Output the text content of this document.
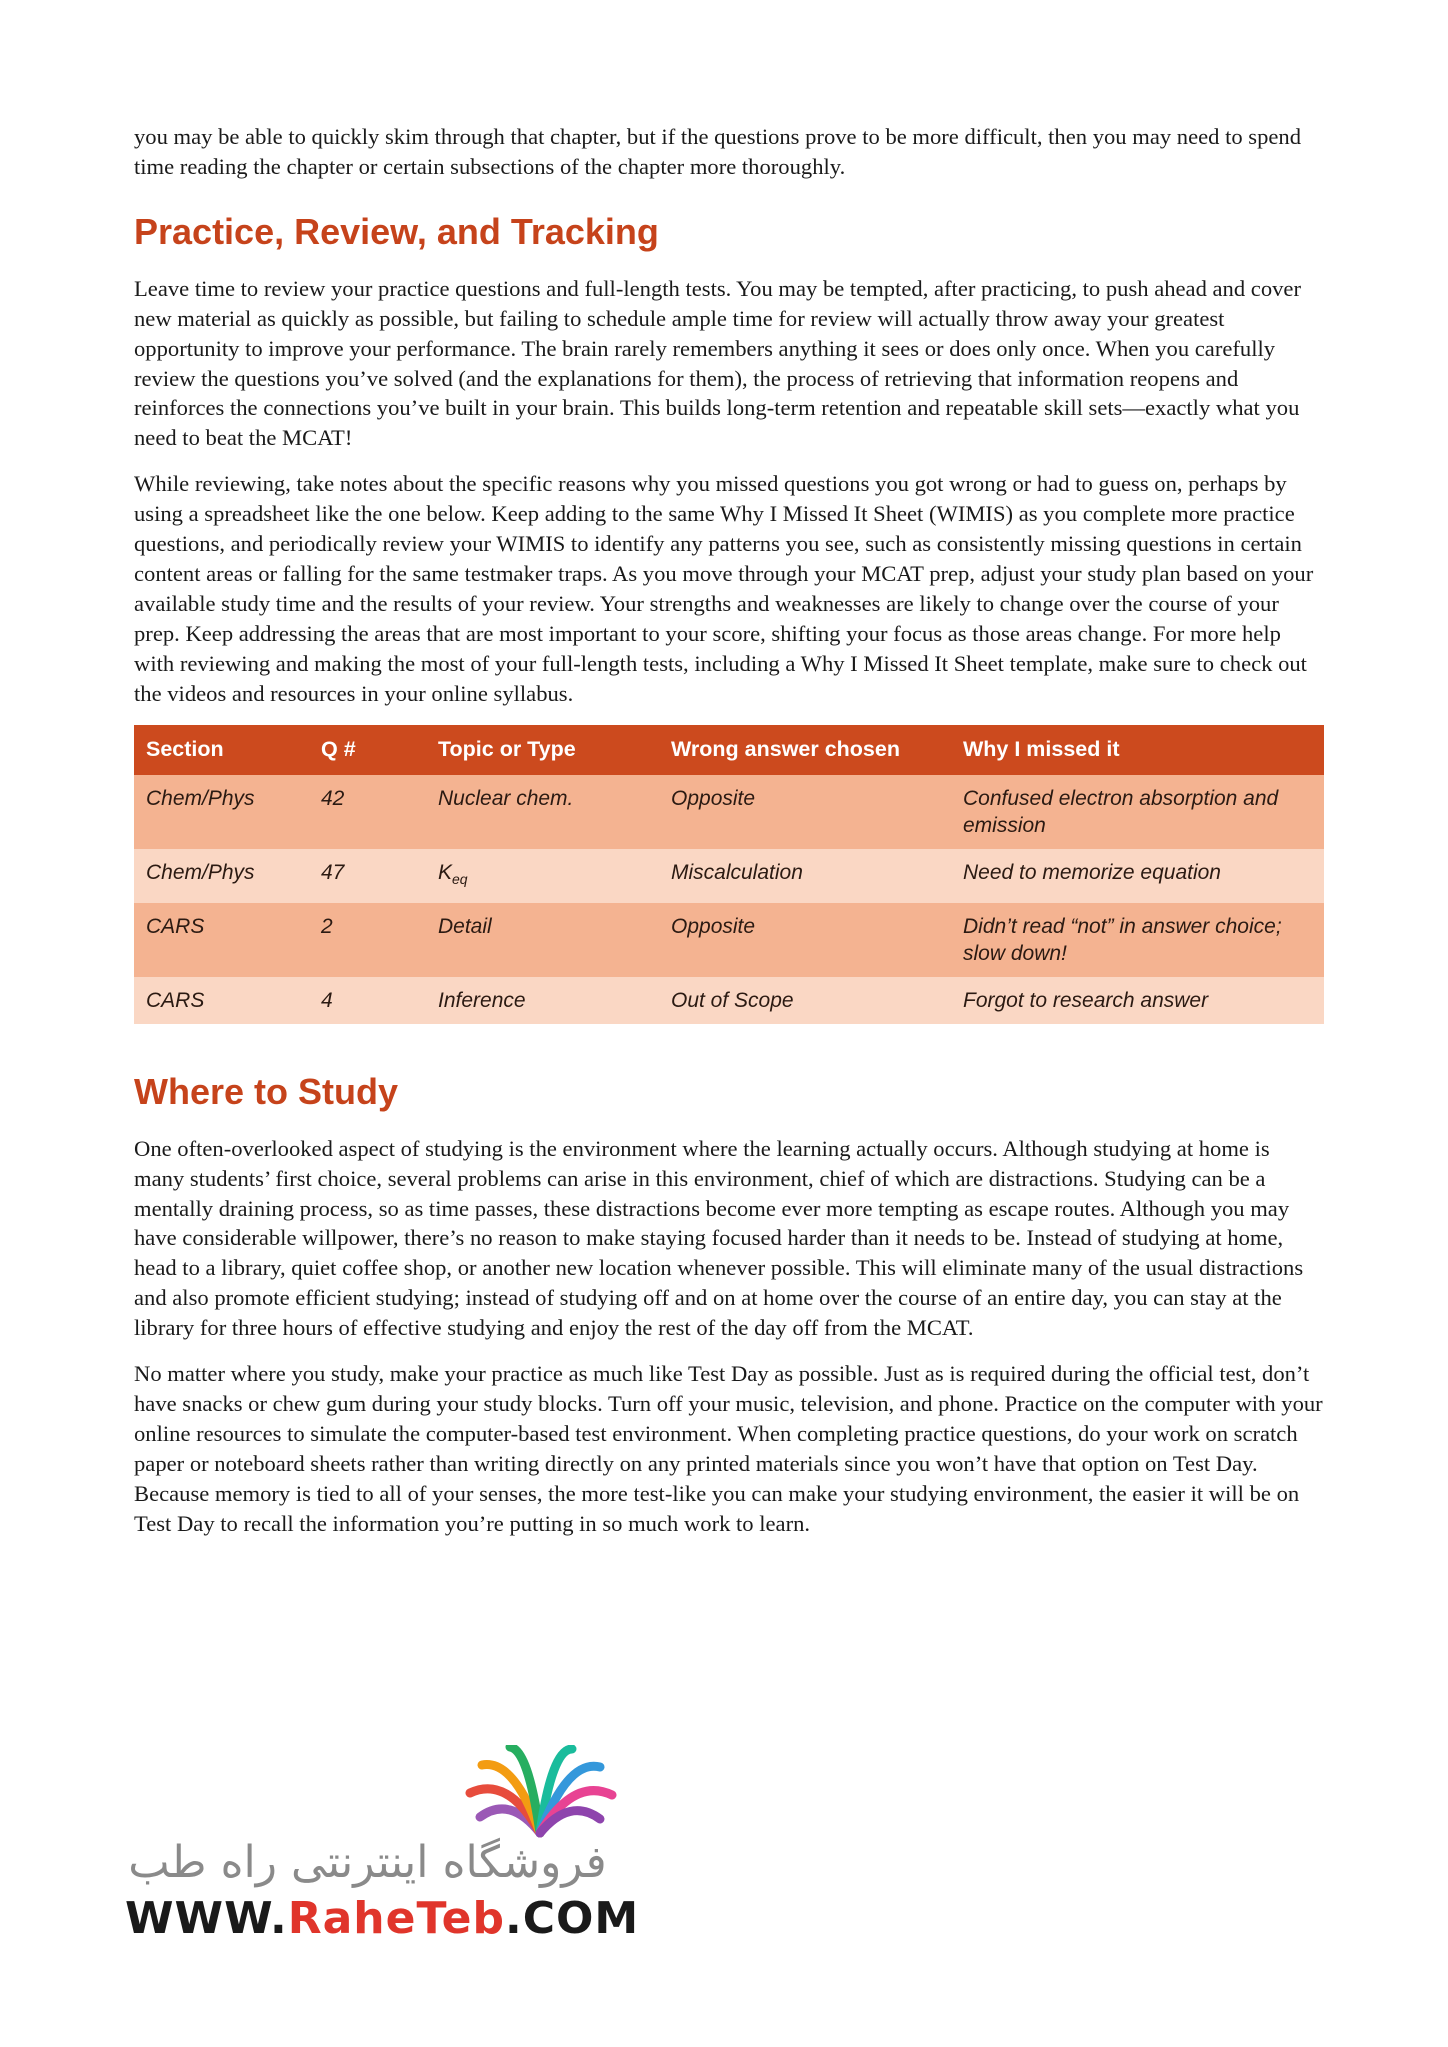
you may be able to quickly skim through that chapter, but if the questions prove to be more difficult, then you may need to spend time reading the chapter or certain subsections of the chapter more thoroughly.

Practice, Review, and Tracking

Leave time to review your practice questions and full-length tests. You may be tempted, after practicing, to push ahead and cover new material as quickly as possible, but failing to schedule ample time for review will actually throw away your greatest opportunity to improve your performance. The brain rarely remembers anything it sees or does only once. When you carefully review the questions you’ve solved (and the explanations for them), the process of retrieving that information reopens and reinforces the connections you’ve built in your brain. This builds long-term retention and repeatable skill sets—exactly what you need to beat the MCAT!

While reviewing, take notes about the specific reasons why you missed questions you got wrong or had to guess on, perhaps by using a spreadsheet like the one below. Keep adding to the same Why I Missed It Sheet (WIMIS) as you complete more practice questions, and periodically review your WIMIS to identify any patterns you see, such as consistently missing questions in certain content areas or falling for the same testmaker traps. As you move through your MCAT prep, adjust your study plan based on your available study time and the results of your review. Your strengths and weaknesses are likely to change over the course of your prep. Keep addressing the areas that are most important to your score, shifting your focus as those areas change. For more help with reviewing and making the most of your full-length tests, including a Why I Missed It Sheet template, make sure to check out the videos and resources in your online syllabus.

Section	Q #	Topic or Type	Wrong answer chosen	Why I missed it
Chem/Phys	42	Nuclear chem.	Opposite	Confused electron absorption and emission
Chem/Phys	47	$K_{eq}$	Miscalculation	Need to memorize equation
CARS	2	Detail	Opposite	Didn’t read “not” in answer choice; slow down!
CARS	4	Inference	Out of Scope	Forgot to research answer
Where to Study

One often-overlooked aspect of studying is the environment where the learning actually occurs. Although studying at home is many students’ first choice, several problems can arise in this environment, chief of which are distractions. Studying can be a mentally draining process, so as time passes, these distractions become ever more tempting as escape routes. Although you may have considerable willpower, there’s no reason to make staying focused harder than it needs to be. Instead of studying at home, head to a library, quiet coffee shop, or another new location whenever possible. This will eliminate many of the usual distractions and also promote efficient studying; instead of studying off and on at home over the course of an entire day, you can stay at the library for three hours of effective studying and enjoy the rest of the day off from the MCAT.

No matter where you study, make your practice as much like Test Day as possible. Just as is required during the official test, don’t have snacks or chew gum during your study blocks. Turn off your music, television, and phone. Practice on the computer with your online resources to simulate the computer-based test environment. When completing practice questions, do your work on scratch paper or noteboard sheets rather than writing directly on any printed materials since you won’t have that option on Test Day. Because memory is tied to all of your senses, the more test-like you can make your studying environment, the easier it will be on Test Day to recall the information you’re putting in so much work to learn.

فروشگاه اینترنتی راه طب
WWW.RaheTeb.COM
